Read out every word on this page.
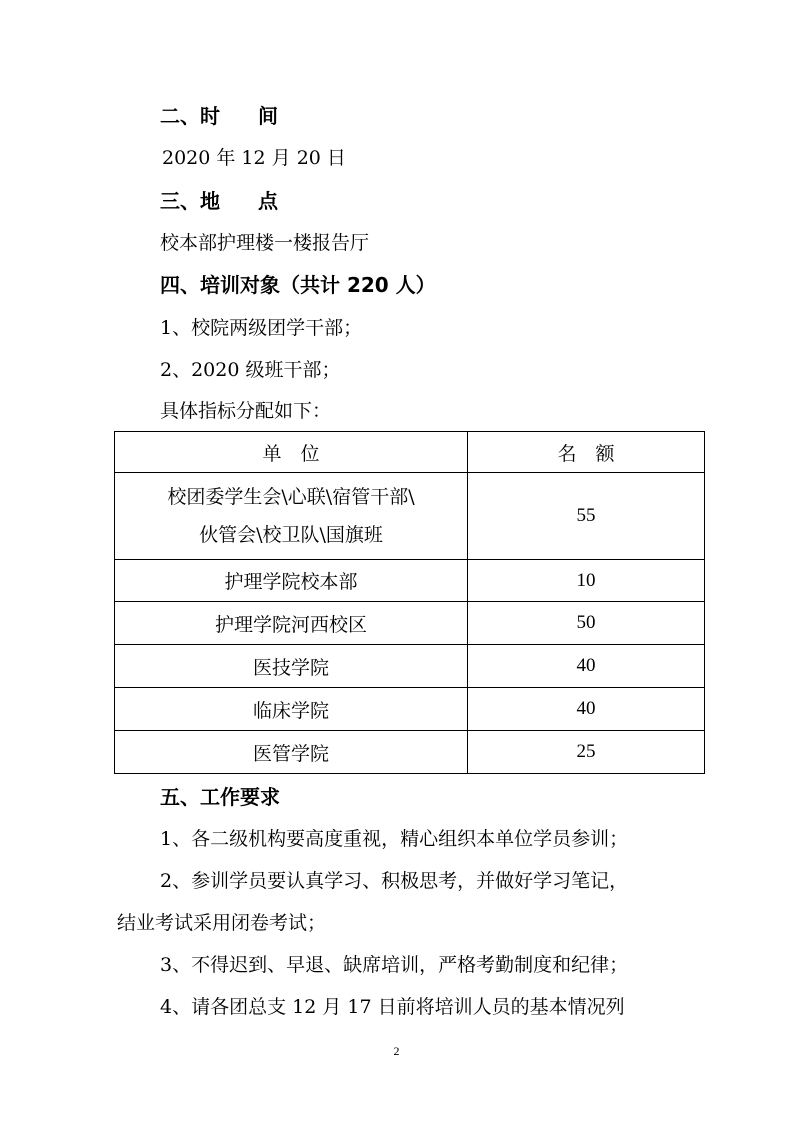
二、时 间
2020 年 12 月 20 日
三、地 点
校本部护理楼一楼报告厅
四、培训对象（共计 220 人）
1、校院两级团学干部；
2、2020 级班干部；
具体指标分配如下：
单　位	名　额

校团委学生会\心联\宿管干部\
伙管会\校卫队\国旗班	55
护理学院校本部	10
护理学院河西校区	50
医技学院	40
临床学院	40
医管学院	25
五、工作要求
1、各二级机构要高度重视，精心组织本单位学员参训；
2、参训学员要认真学习、积极思考，并做好学习笔记，
结业考试采用闭卷考试；
3、不得迟到、早退、缺席培训，严格考勤制度和纪律；
4、请各团总支 12 月 17 日前将培训人员的基本情况列
2
